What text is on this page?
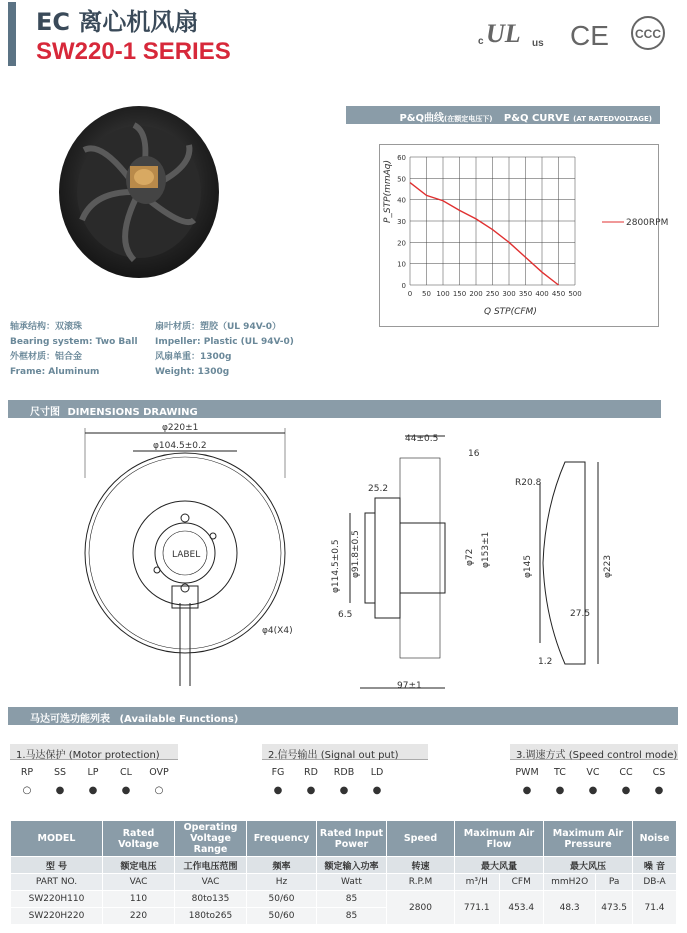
EC 离心机风扇
SW220-1 SERIES	c UL us CE CCC
轴承结构：双滚珠
Bearing system: Two Ball
外框材质：铝合金
Frame: Aluminum
扇叶材质：塑胶（UL 94V-0）
Impeller: Plastic (UL 94V-0)
风扇单重：1300g
Weight: 1300g
P&Q曲线(在额定电压下) P&Q CURVE (AT RATEDVOLTAGE)
0 50 100 150 200 250 300 350 400 450 500
0
10
20
30
40
50
60
P_STP(mmAq)
Q STP(CFM)
2800RPM
尺寸图 DIMENSIONS DRAWING
φ220±1
φ104.5±0.2
LABEL
φ4(X4)
44±0.5
16
25.2
φ114.5±0.5 φ91.8±0.5	φ72 φ153±1
6.5
97±1
R20.8
φ145	φ223
27.5
1.2
马达可选功能列表 (Available Functions)
1.马达保护 (Motor protection)	2.信号输出 (Signal out put)	3.调速方式 (Speed control mode)
RP
○
SS
●
LP
●
CL
●
OVP
○
FG
●
RD
●
RDB
●
LD
●
PWM
●
TC
●
VC
●
CC
●
CS
●
MODEL	Rated Voltage	Operating Voltage Range	Frequency	Rated Input Power	Speed	Maximum Air Flow		Maximum Air Pressure		Noise
型 号	额定电压	工作电压范围	频率	额定输入功率	转速	最大风量		最大风压		噪 音
PART NO.	VAC	VAC	Hz	Watt	R.P.M	m³/H	CFM	mmH2O	Pa	DB-A
SW220H110	110	80to135	50/60	85	2800	771.1	453.4	48.3	473.5	71.4
SW220H220	220	180to265	50/60	85						
